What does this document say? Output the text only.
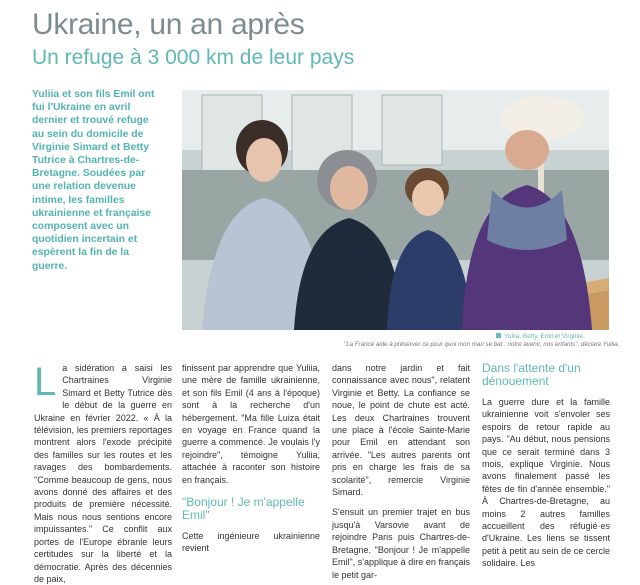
Ukraine, un an après
Un refuge à 3 000 km de leur pays
Yuliia et son fils Emil ont fui l'Ukraine en avril dernier et trouvé refuge au sein du domicile de Virginie Simard et Betty Tutrice à Chartres-de-Bretagne. Soudées par une relation devenue intime, les familles ukrainienne et française composent avec un quotidien incertain et espèrent la fin de la guerre.
Yuliia, Betty, Emil et Virginie.
"La France aide à préserver ce pour quoi mon mari se bat : notre avenir, nos enfants", déclare Yuliia.
L a sidération a saisi les Chartraines Virginie Simard et Betty Tutrice dès le début de la guerre en Ukraine en février 2022. « À la télévision, les premiers reportages montrent alors l'exode précipité des familles sur les routes et les ravages des bombardements. "Comme beaucoup de gens, nous avons donné des affaires et des produits de première nécessité. Mais nous nous sentions encore impuissantes." Ce conflit aux portes de l'Europe ébranle leurs certitudes sur la liberté et la démocratie. Après des décennies de paix,

finissent par apprendre que Yuliia, une mère de famille ukrainienne, et son fils Emil (4 ans à l'époque) sont à la recherche d'un hébergement. "Ma fille Luiza était en voyage en France quand la guerre a commencé. Je voulais l'y rejoindre", témoigne Yuliia, attachée à raconter son histoire en français.

"Bonjour ! Je m'appelle Emil"

Cette ingénieure ukrainienne revient

dans notre jardin et fait connaissance avec nous", relatent Virginie et Betty. La confiance se noue, le point de chute est acté. Les deux Chartraines trouvent une place à l'école Sainte-Marie pour Emil en attendant son arrivée. "Les autres parents ont pris en charge les frais de sa scolarité", remercie Virginie Simard.

S'ensuit un premier trajet en bus jusqu'à Varsovie avant de rejoindre Paris puis Chartres-de-Bretagne. "Bonjour ! Je m'appelle Emil", s'applique à dire en français le petit gar-

Dans l'attente d'un dénouement

La guerre dure et la famille ukrainienne voit s'envoler ses espoirs de retour rapide au pays. "Au début, nous pensions que ce serait terminé dans 3 mois, explique Virginie. Nous avons finalement passé les fêtes de fin d'année ensemble." À Chartres-de-Bretagne, au moins 2 autres familles accueillent des réfugié·es d'Ukraine. Les liens se tissent petit à petit au sein de ce cercle solidaire. Les
